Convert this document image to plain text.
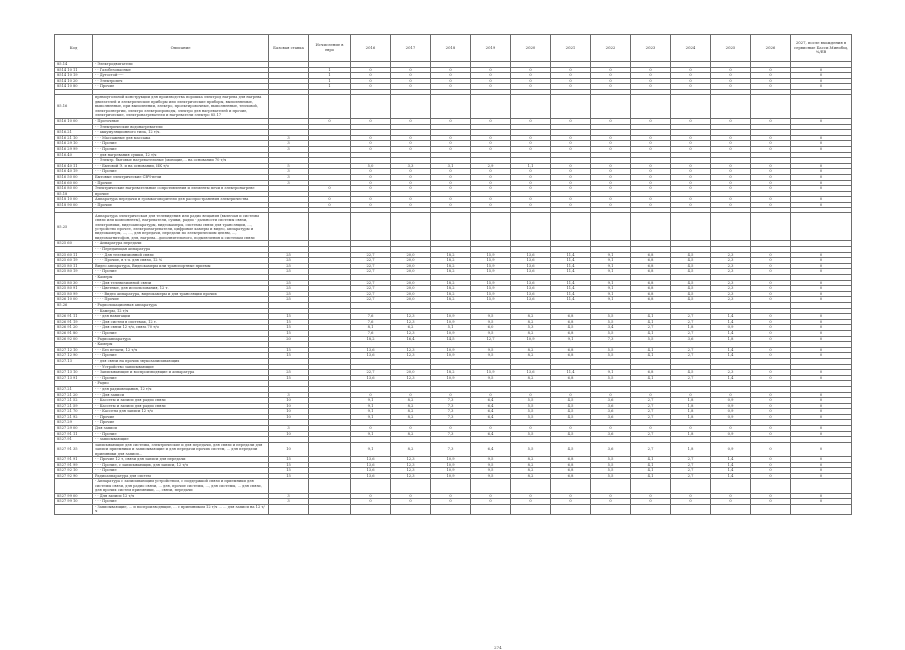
Код	Описание	Базовая ставка	Исчисление в евро	2016	2017	2018	2019	2020	2021	2022	2023	2024	2025	2026	2027, после вхождения в сервисные Басси.Минобщ, %/ЕВ
85.14	- Электродвигатели														
8514 10 11	- - Газобезопасные		1	0	0	0	0	0	0	0	0	0	0	0	0
8514 10 19	- - Дугостой-----		1	0	0	0	0	0	0	0	0	0	0	0	0
8514 10 20	- - Электропеч		1	0	0	0	0	0	0	0	0	0	0	0	0
8514 10 80	- - Прочие		1	0	0	0	0	0	0	0	0	0	0	0	0

85.16	прямоугольной конструкции для производства порошка электрод нагрева для нагрева двигателей и электрические приборы или электрические приборы, выполняемые, выполненные, при выполнении, электро, проектировочные, выполненные, тепловой, электроэнергии, электро электропроводы, электро для нагревателей и прочие, электрические, электронагреватели и нагреватели электро 85.17														
8516 10 00	- Проточные		0	0	0	0	0	0	0	0	0	0	0	0	0
	- - Электрические водонагреватели														
8516.21	- - аккумуляционного типа, 12 т/ч.														
8516 21 10	- - - Массажные для массажа	3		0	0	0	0	0	0	0	0	0	0	0	0
8516 29 10	- - - Прочие	3		0	0	0	0	0	0	0	0	0	0	0	0
8516 29 99	- - - Прочие	3		0	0	0	0	0	0	0	0	0	0	0	0
8516.40	- - для нагревания сушки, 12 т/ч														
	- - Электр. бытовые нагревательные (моющие,... на основании 70 т/ч														
8516 40 11	- - - Бытовой Э. и на основании, ИК т/ч	5		5,0	3,3	3,1	2,9	1,1	0	0	0	0	0	0	0
8516 40 19	- - - Прочие	3		0	0	0	0	0	0	0	0	0	0	0	0
8516 50 00	Бытовые электрические СВЧ-печи	3		0	0	0	0	0	0	0	0	0	0	0	0
8516 60 00	- Прочие	3		0	0	0	0	0	0	0	0	0	0	0	0
8516 80 00	Электрические нагревательные сопротивления и элементы печи в электронагреве		0	0	0	0	0	0	0	0	0	0	0	0	0
85.18	прочие														
8518 10 00	Аппаратура передачи и громкоговорители для распространения электричества		0	0	0	0	0	0	0	0	0	0	0	0	0
8518 90 00	- Прочие		0	0	0	0	0	0	0	0	0	0	0	0	0

85.25	Аппаратура электрическая для телевидения или радио вещания (включая и системы связи или компоненты), нагреватели, сушки, радио - дальности системы связи, электроники, видеоаппаратуры, видеокамеры, системы связи для трансляции, ..., устройство прочее, электронагреватели, цифровые камеры и видео, аппаратуры и видеокамеры, ..., ..., для передачи, передачи по электрическим цепям, ..., видеомагнитофон, для, нагрева...дополнительного, подключения к системам связи														
8525 60	- - Аппаратура передачи														
	- - - Передающая аппаратура														
8525 60 11	- - - - Для телевизионной связи	25		22,7	20,0	18,2	15,9	13,6	11,4	9,1	6,8	4,5	2,3	0	0
8525 60 19	- - - - Прочие, в т.ч. для связи, 12 %	25		22,7	20,0	18,2	15,9	13,6	11,4	9,1	6,8	4,5	2,3	0	0
8525 80 11	Видео аппаратура, Видеокамеры или транспортные приемы	25		22,7	20,0	18,2	15,9	13,6	11,4	9,1	6,8	4,5	2,3	0	0
8525 80 19	- - - Прочие	25		22,7	20,0	18,2	15,9	13,6	11,4	9,1	6,8	4,5	2,3	0	0
	- Камеры														
8525 80 30	- - - Для телевизионной связи	25		22,7	20,0	18,2	15,9	13,6	11,4	9,1	6,8	4,5	2,3	0	0
8525 80 91	- - - Цветные, для использования, 12 т.	25		22,7	20,0	18,2	15,9	13,6	11,4	9,1	6,8	4,5	2,3	0	0
8525 80 99	- - - - Видео аппаратура, видеокамеры и для трансляции прочих	25		22,7	20,0	18,2	15,9	13,6	11,4	9,1	6,8	4,5	2,3	0	0
8526 10 00	- - - - Прочие	25		22,7	20,0	18,2	15,9	13,6	11,4	9,1	6,8	4,5	2,3	0	0
85.26	- Радиолокационная аппаратура														
	- - Камеры, 12 т/ч														
8526 91 11	- - - для навигации	15		7,6	12,3	10,9	9,5	8,2	6,8	5,5	4,1	2,7	1,4	0	0
8526 91 19	- - - Для систем в системах, 12 т.	15		7,6	12,3	10,9	9,5	8,2	6,8	5,5	4,1	2,7	1,4	0	0
8526 91 20	- - - Для связи 12 т/ч, связь 70 т/ч	15		8,1	6,2	5,1	6,0	5,3	4,5	3,4	2,7	1,8	0,9	0	0
8526 91 80	- - - Прочие	15		7,6	12,3	10,9	9,5	8,2	6,8	5,5	4,1	2,7	1,4	0	0
8526 92 00	- Радиоаппаратура	20		18,2	16,4	14,5	12,7	10,9	9,1	7,3	5,5	3,6	1,8	0	0
	- Камеры														
8527 12 10	- - - Без печати, 12 т/ч	15		13,6	12,3	10,9	9,5	8,2	6,8	5,5	4,1	2,7	1,4	0	0
8527 12 90	- - - Прочие	15		13,6	12,3	10,9	9,5	8,2	6,8	5,5	4,1	2,7	1,4	0	0
8527.13	- - для связи на прочих звукозаписывающих														
	- - - Устройство записывающие														
8527 13 10	- - Записывающие и воспроизводящие и аппаратура	25		22,7	20,0	18,2	15,9	13,6	11,4	9,1	6,8	4,5	2,3	0	0
8527 13 91	- - - Прочие	15		13,6	12,3	10,9	9,5	8,2	6,8	5,5	4,1	2,7	1,4	0	0
	- Радио														
8527.21	- - - для радиовещания, 12 т/ч														
8527 21 20	- - - Для записи	3		0	0	0	0	0	0	0	0	0	0	0	0
8527 21 52	- - Кассеты и записи для радио связи	10		9,1	8,2	7,3	6,4	5,5	4,5	3,6	2,7	1,8	0,9	0	0
8527 21 59	- - Кассеты и записи для радио связи	10		9,1	8,2	7,3	6,4	5,5	4,5	3,6	2,7	1,8	0,9	0	0
8527 21 70	- - - Кассеты для записи 12 т/ч	10		9,1	8,2	7,3	6,4	5,5	4,5	3,6	2,7	1,8	0,9	0	0
8527 21 92	- - Прочие	10		9,1	8,2	7,3	6,4	5,5	4,5	3,6	2,7	1,8	0,9	0	0
8527.29	- - Прочие														
8527 29 00	Для записи	3		0	0	0	0	0	0	0	0	0	0	0	0
8527 91 11	- - - Прочие	10		9,1	8,2	7,3	6,4	5,5	4,5	3,6	2,7	1,8	0,9	0	0
8527.91	- - записывающие														
8527 91 35	записывающие для системы, электрические и для передачи, для связи и передачи для записи приемники и записывающие и для передачи прочих систем, ... для передачи приемники для записи...	10		9,1	8,2	7,3	6,4	5,5	4,5	3,6	2,7	1,8	0,9	0	0
8527 91 91	- - Прочие 12 т, связи для записи для передачи	15		13,6	12,3	10,9	9,5	8,2	6,8	5,5	4,1	2,7	1,4	0	0
8527 91 99	- - - Прочие, с записывающих, для записи, 12 т/ч	15		13,6	12,3	10,9	9,5	8,2	6,8	5,5	4,1	2,7	1,4	0	0
8527 92 10	- - - Прочие	15		13,6	12,3	10,9	9,5	8,2	6,8	5,5	4,1	2,7	1,4	0	0
8527 92 90	Радиоаппаратура для систем	15		13,6	12,3	10,9	9,5	8,2	6,8	5,5	4,1	2,7	1,4	0	0
	- Аппаратура с записывающим устройством, с поддержкой связи и приемники для системы связи, для радио связи, ... для, прочие системы, ..., для системы, ... для связи, для прочих систем приемники, ..., связи, передачи														
8527 99 00	- - Для записи 12 т/ч	3		0	0	0	0	0	0	0	0	0	0	0	0
8527 99 10	- - - Прочие	3		0	0	0	0	0	0	0	0	0	0	0	0
	- Записывающие, ... и воспроизводящие, ... с приемником 12 т/ч ... ... для записи на 12 т/ч														
274
